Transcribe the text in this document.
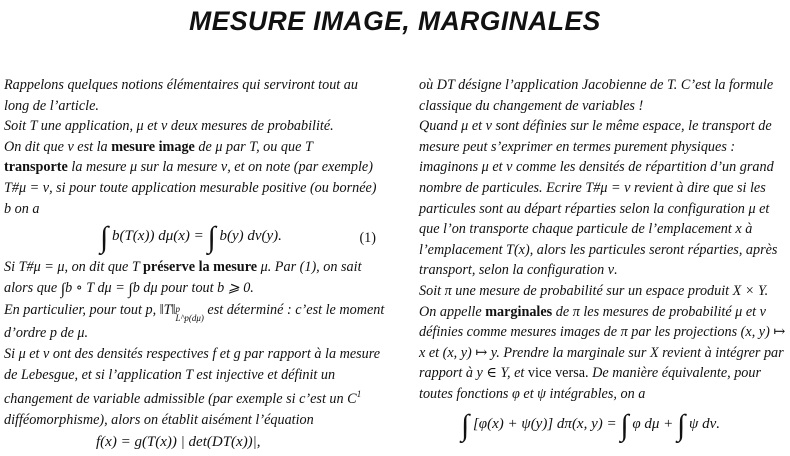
MESURE IMAGE, MARGINALES

Rappelons quelques notions élémentaires qui serviront tout au long de l’article.

Soit T une application, μ et ν deux mesures de probabilité.
On dit que ν est la mesure image de μ par T, ou que T
transporte la mesure μ sur la mesure ν, et on note (par exemple) T#μ = ν, si pour toute application mesurable positive (ou bornée) b on a

∫ b(T(x)) dμ(x) = ∫ b(y) dν(y).	(1)

Si T#μ = μ, on dit que T préserve la mesure μ. Par (1), on sait alors que ∫b ∘ T dμ = ∫b dμ pour tout b ⩾ 0.

En particulier, pour tout p, ‖T‖ p
L^p(dμ) est déterminé : c’est le moment d’ordre p de μ.

Si μ et ν ont des densités respectives f et g par rapport à la mesure de Lebesgue, et si l’application T est injective et définit un changement de variable admissible (par exemple si c’est un $C^1$ difféomorphisme), alors on établit aisément l’équation

f(x) = g(T(x)) | det(DT(x))|,

où DT désigne l’application Jacobienne de T. C’est la formule classique du changement de variables !

Quand μ et ν sont définies sur le même espace, le transport de mesure peut s’exprimer en termes purement physiques : imaginons μ et ν comme les densités de répartition d’un grand nombre de particules. Ecrire T#μ = ν revient à dire que si les particules sont au départ réparties selon la configuration μ et que l’on transporte chaque particule de l’emplacement x à l’emplacement T(x), alors les particules seront réparties, après transport, selon la configuration ν.

Soit π une mesure de probabilité sur un espace produit X × Y. On appelle marginales de π les mesures de probabilité μ et ν définies comme mesures images de π par les projections (x, y) ↦ x et (x, y) ↦ y. Prendre la marginale sur X revient à intégrer par rapport à y ∈ Y, et vice versa. De manière équivalente, pour toutes fonctions φ et ψ intégrables, on a

∫ [φ(x) + ψ(y)] dπ(x, y) = ∫ φ dμ + ∫ ψ dν.
